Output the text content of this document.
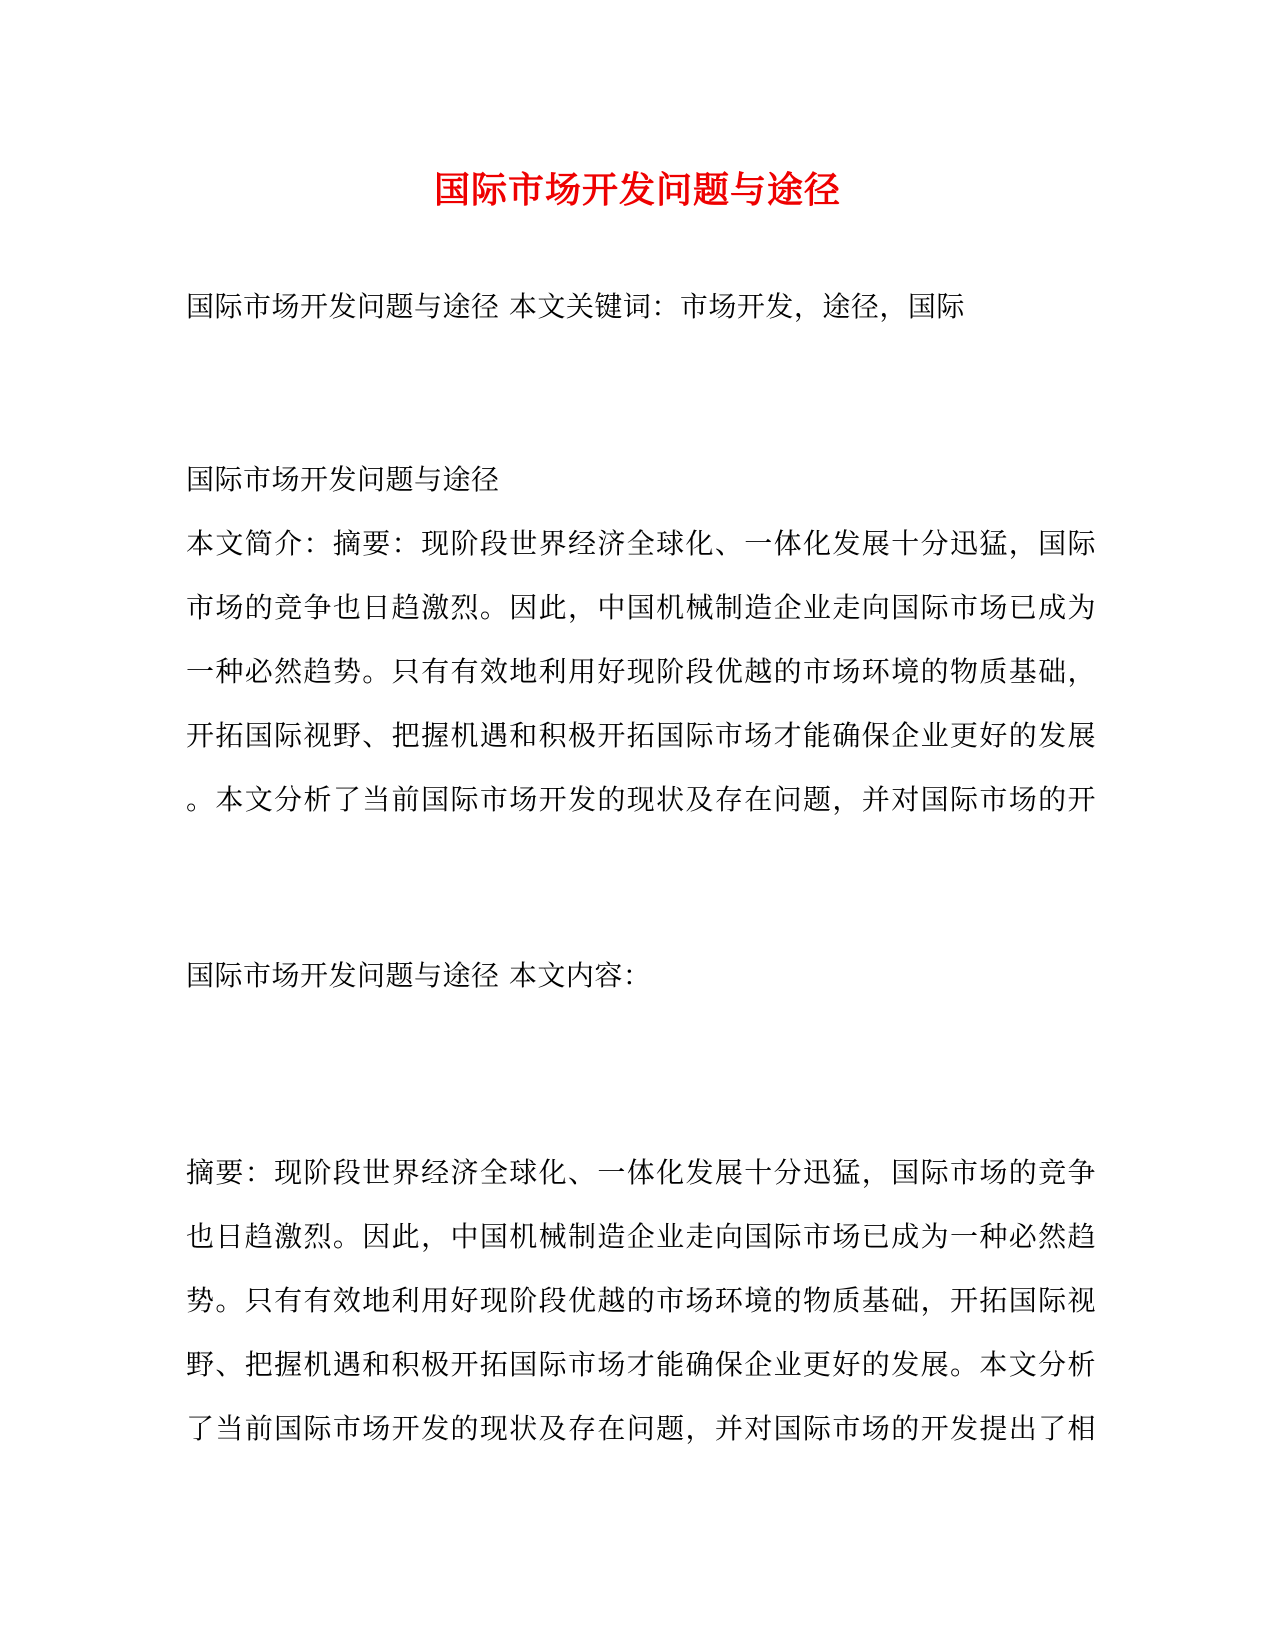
国际市场开发问题与途径
国际市场开发问题与途径 本文关键词：市场开发，途径，国际
国际市场开发问题与途径
本文简介：摘要：现阶段世界经济全球化、一体化发展十分迅猛，国际
市场的竞争也日趋激烈。因此，中国机械制造企业走向国际市场已成为
一种必然趋势。只有有效地利用好现阶段优越的市场环境的物质基础，
开拓国际视野、把握机遇和积极开拓国际市场才能确保企业更好的发展
。本文分析了当前国际市场开发的现状及存在问题，并对国际市场的开
国际市场开发问题与途径 本文内容：
摘要：现阶段世界经济全球化、一体化发展十分迅猛，国际市场的竞争
也日趋激烈。因此，中国机械制造企业走向国际市场已成为一种必然趋
势。只有有效地利用好现阶段优越的市场环境的物质基础，开拓国际视
野、把握机遇和积极开拓国际市场才能确保企业更好的发展。本文分析
了当前国际市场开发的现状及存在问题，并对国际市场的开发提出了相
